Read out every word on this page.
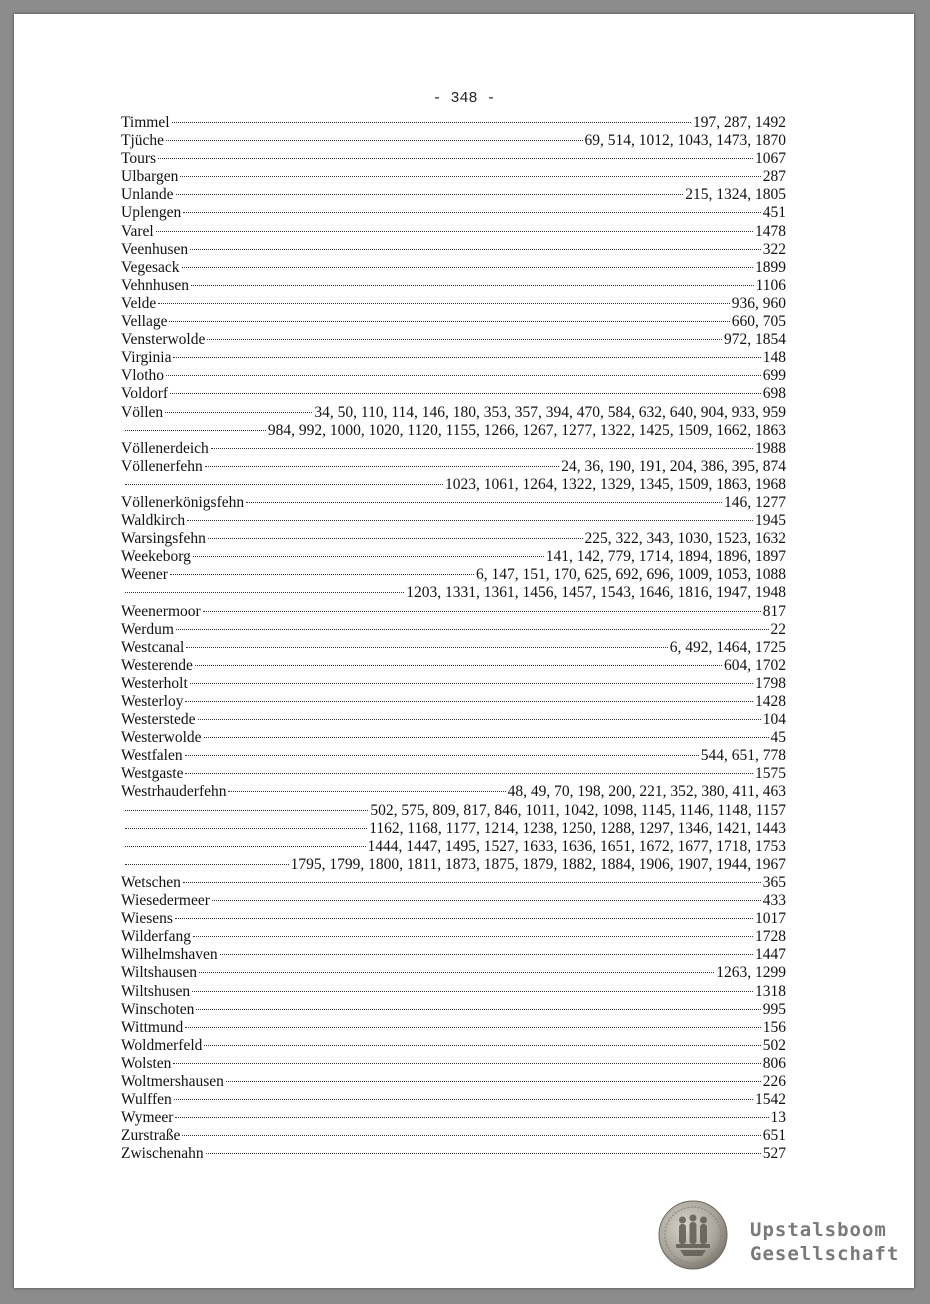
- 348 -
Timmel	197, 287, 1492
Tjüche	69, 514, 1012, 1043, 1473, 1870
Tours	1067
Ulbargen	287
Unlande	215, 1324, 1805
Uplengen	451
Varel	1478
Veenhusen	322
Vegesack	1899
Vehnhusen	1106
Velde	936, 960
Vellage	660, 705
Vensterwolde	972, 1854
Virginia	148
Vlotho	699
Voldorf	698
Völlen	34, 50, 110, 114, 146, 180, 353, 357, 394, 470, 584, 632, 640, 904, 933, 959
984, 992, 1000, 1020, 1120, 1155, 1266, 1267, 1277, 1322, 1425, 1509, 1662, 1863
Völlenerdeich	1988
Völlenerfehn	24, 36, 190, 191, 204, 386, 395, 874
1023, 1061, 1264, 1322, 1329, 1345, 1509, 1863, 1968
Völlenerkönigsfehn	146, 1277
Waldkirch	1945
Warsingsfehn	225, 322, 343, 1030, 1523, 1632
Weekeborg	141, 142, 779, 1714, 1894, 1896, 1897
Weener	6, 147, 151, 170, 625, 692, 696, 1009, 1053, 1088
1203, 1331, 1361, 1456, 1457, 1543, 1646, 1816, 1947, 1948
Weenermoor	817
Werdum	22
Westcanal	6, 492, 1464, 1725
Westerende	604, 1702
Westerholt	1798
Westerloy	1428
Westerstede	104
Westerwolde	45
Westfalen	544, 651, 778
Westgaste	1575
Westrhauderfehn	48, 49, 70, 198, 200, 221, 352, 380, 411, 463
502, 575, 809, 817, 846, 1011, 1042, 1098, 1145, 1146, 1148, 1157
1162, 1168, 1177, 1214, 1238, 1250, 1288, 1297, 1346, 1421, 1443
1444, 1447, 1495, 1527, 1633, 1636, 1651, 1672, 1677, 1718, 1753
1795, 1799, 1800, 1811, 1873, 1875, 1879, 1882, 1884, 1906, 1907, 1944, 1967
Wetschen	365
Wiesedermeer	433
Wiesens	1017
Wilderfang	1728
Wilhelmshaven	1447
Wiltshausen	1263, 1299
Wiltshusen	1318
Winschoten	995
Wittmund	156
Woldmerfeld	502
Wolsten	806
Woltmershausen	226
Wulffen	1542
Wymeer	13
Zurstraße	651
Zwischenahn	527
Upstalsboom
Gesellschaft
